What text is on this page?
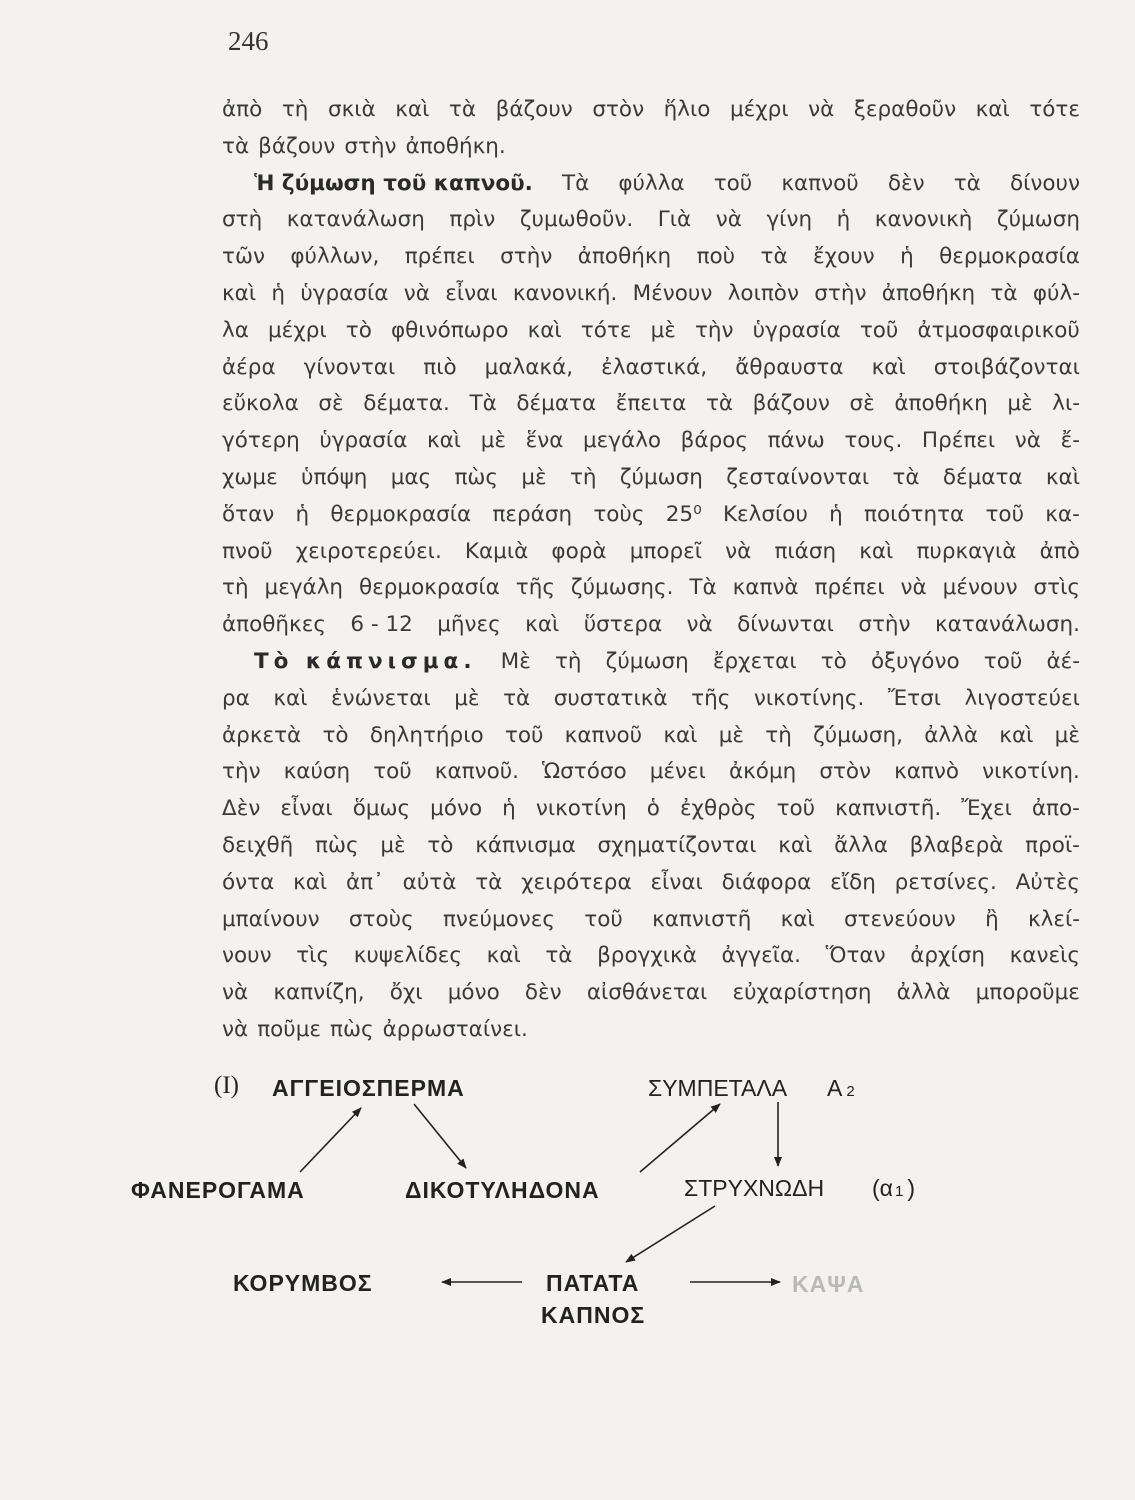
246
ἀπὸ τὴ σκιὰ καὶ τὰ βάζουν στὸν ἥλιο μέχρι νὰ ξεραθοῦν καὶ τότε
τὰ βάζουν στὴν ἀποθήκη.
Ἡ ζύμωση τοῦ καπνοῦ. Τὰ φύλλα τοῦ καπνοῦ δὲν τὰ δίνουν
στὴ κατανάλωση πρὶν ζυμωθοῦν. Γιὰ νὰ γίνη ἡ κανονικὴ ζύμωση
τῶν φύλλων, πρέπει στὴν ἀποθήκη ποὺ τὰ ἔχουν ἡ θερμοκρασία
καὶ ἡ ὑγρασία νὰ εἶναι κανονική. Μένουν λοιπὸν στὴν ἀποθήκη τὰ φύλ-
λα μέχρι τὸ φθινόπωρο καὶ τότε μὲ τὴν ὑγρασία τοῦ ἀτμοσφαιρικοῦ
ἀέρα γίνονται πιὸ μαλακά, ἐλαστικά, ἄθραυστα καὶ στοιβάζονται
εὔκολα σὲ δέματα. Τὰ δέματα ἔπειτα τὰ βάζουν σὲ ἀποθήκη μὲ λι-
γότερη ὑγρασία καὶ μὲ ἕνα μεγάλο βάρος πάνω τους. Πρέπει νὰ ἔ-
χωμε ὑπόψη μας πὼς μὲ τὴ ζύμωση ζεσταίνονται τὰ δέματα καὶ
ὅταν ἡ θερμοκρασία περάση τοὺς 25⁰ Κελσίου ἡ ποιότητα τοῦ κα-
πνοῦ χειροτερεύει. Καμιὰ φορὰ μπορεῖ νὰ πιάση καὶ πυρκαγιὰ ἀπὸ
τὴ μεγάλη θερμοκρασία τῆς ζύμωσης. Τὰ καπνὰ πρέπει νὰ μένουν στὶς
ἀποθῆκες 6 - 12 μῆνες καὶ ὕστερα νὰ δίνωνται στὴν κατανάλωση.
Τὸ κάπνισμα. Μὲ τὴ ζύμωση ἔρχεται τὸ ὀξυγόνο τοῦ ἀέ-
ρα καὶ ἑνώνεται μὲ τὰ συστατικὰ τῆς νικοτίνης. Ἔτσι λιγοστεύει
ἀρκετὰ τὸ δηλητήριο τοῦ καπνοῦ καὶ μὲ τὴ ζύμωση, ἀλλὰ καὶ μὲ
τὴν καύση τοῦ καπνοῦ. Ὡστόσο μένει ἀκόμη στὸν καπνὸ νικοτίνη.
Δὲν εἶναι ὅμως μόνο ἡ νικοτίνη ὁ ἐχθρὸς τοῦ καπνιστῆ. Ἔχει ἀπο-
δειχθῆ πὼς μὲ τὸ κάπνισμα σχηματίζονται καὶ ἄλλα βλαβερὰ προϊ-
όντα καὶ ἀπ᾿ αὐτὰ τὰ χειρότερα εἶναι διάφορα εἴδη ρετσίνες. Αὐτὲς
μπαίνουν στοὺς πνεύμονες τοῦ καπνιστῆ καὶ στενεύουν ἢ κλεί-
νουν τὶς κυψελίδες καὶ τὰ βρογχικὰ ἀγγεῖα. Ὅταν ἀρχίση κανεὶς
νὰ καπνίζη, ὄχι μόνο δὲν αἰσθάνεται εὐχαρίστηση ἀλλὰ μποροῦμε
νὰ ποῦμε πὼς ἀρρωσταίνει.
(I) ΑΓΓΕΙΟΣΠΕΡΜΑ	ΣΥΜΠΕΤΑΛΑ Α 2
ΦΑΝΕΡΟΓΑΜΑ	ΔΙΚΟΤΥΛΗΔΟΝΑ	ΣΤΡΥΧΝΩΔΗ (α 1 )
ΚΟΡΥΜΒΟΣ	ΠΑΤΑΤΑ	ΚΑΨΑ
ΚΑΠΝΟΣ
